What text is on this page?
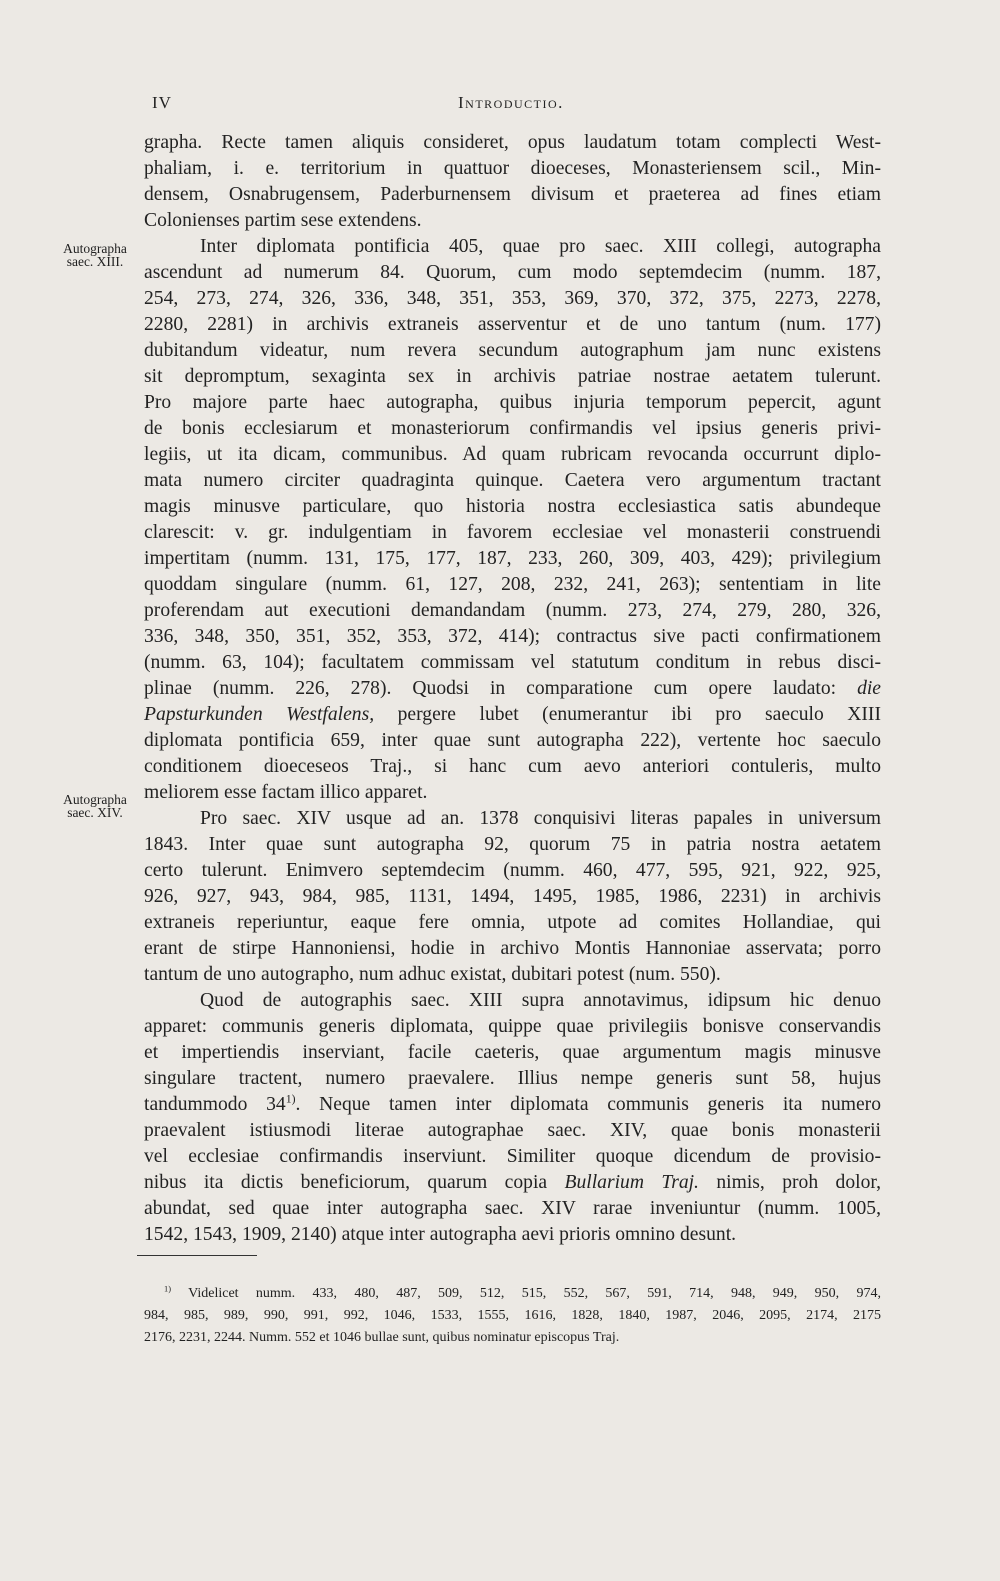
IV	Introductio.
Autographa
saec. XIII.
Autographa
saec. XIV.
grapha. Recte tamen aliquis consideret, opus laudatum totam complecti West-
phaliam, i. e. territorium in quattuor dioeceses, Monasteriensem scil., Min-
densem, Osnabrugensem, Paderburnensem divisum et praeterea ad fines etiam
Colonienses partim sese extendens.
Inter diplomata pontificia 405, quae pro saec. XIII collegi, autographa
ascendunt ad numerum 84. Quorum, cum modo septemdecim (numm. 187,
254, 273, 274, 326, 336, 348, 351, 353, 369, 370, 372, 375, 2273, 2278,
2280, 2281) in archivis extraneis asserventur et de uno tantum (num. 177)
dubitandum videatur, num revera secundum autographum jam nunc existens
sit depromptum, sexaginta sex in archivis patriae nostrae aetatem tulerunt.
Pro majore parte haec autographa, quibus injuria temporum pepercit, agunt
de bonis ecclesiarum et monasteriorum confirmandis vel ipsius generis privi-
legiis, ut ita dicam, communibus. Ad quam rubricam revocanda occurrunt diplo-
mata numero circiter quadraginta quinque. Caetera vero argumentum tractant
magis minusve particulare, quo historia nostra ecclesiastica satis abundeque
clarescit: v. gr. indulgentiam in favorem ecclesiae vel monasterii construendi
impertitam (numm. 131, 175, 177, 187, 233, 260, 309, 403, 429); privilegium
quoddam singulare (numm. 61, 127, 208, 232, 241, 263); sententiam in lite
proferendam aut executioni demandandam (numm. 273, 274, 279, 280, 326,
336, 348, 350, 351, 352, 353, 372, 414); contractus sive pacti confirmationem
(numm. 63, 104); facultatem commissam vel statutum conditum in rebus disci-
plinae (numm. 226, 278). Quodsi in comparatione cum opere laudato: die
Papsturkunden Westfalens, pergere lubet (enumerantur ibi pro saeculo XIII
diplomata pontificia 659, inter quae sunt autographa 222), vertente hoc saeculo
conditionem dioeceseos Traj., si hanc cum aevo anteriori contuleris, multo
meliorem esse factam illico apparet.
Pro saec. XIV usque ad an. 1378 conquisivi literas papales in universum
1843. Inter quae sunt autographa 92, quorum 75 in patria nostra aetatem
certo tulerunt. Enimvero septemdecim (numm. 460, 477, 595, 921, 922, 925,
926, 927, 943, 984, 985, 1131, 1494, 1495, 1985, 1986, 2231) in archivis
extraneis reperiuntur, eaque fere omnia, utpote ad comites Hollandiae, qui
erant de stirpe Hannoniensi, hodie in archivo Montis Hannoniae asservata; porro
tantum de uno autographo, num adhuc existat, dubitari potest (num. 550).
Quod de autographis saec. XIII supra annotavimus, idipsum hic denuo
apparet: communis generis diplomata, quippe quae privilegiis bonisve conservandis
et impertiendis inserviant, facile caeteris, quae argumentum magis minusve
singulare tractent, numero praevalere. Illius nempe generis sunt 58, hujus
tandummodo 34$^{1)}$. Neque tamen inter diplomata communis generis ita numero
praevalent istiusmodi literae autographae saec. XIV, quae bonis monasterii
vel ecclesiae confirmandis inserviunt. Similiter quoque dicendum de provisio-
nibus ita dictis beneficiorum, quarum copia Bullarium Traj. nimis, proh dolor,
abundat, sed quae inter autographa saec. XIV rarae inveniuntur (numm. 1005,
1542, 1543, 1909, 2140) atque inter autographa aevi prioris omnino desunt.
$^{1)}$ Videlicet numm. 433, 480, 487, 509, 512, 515, 552, 567, 591, 714, 948, 949, 950, 974,
984, 985, 989, 990, 991, 992, 1046, 1533, 1555, 1616, 1828, 1840, 1987, 2046, 2095, 2174, 2175
2176, 2231, 2244. Numm. 552 et 1046 bullae sunt, quibus nominatur episcopus Traj.
